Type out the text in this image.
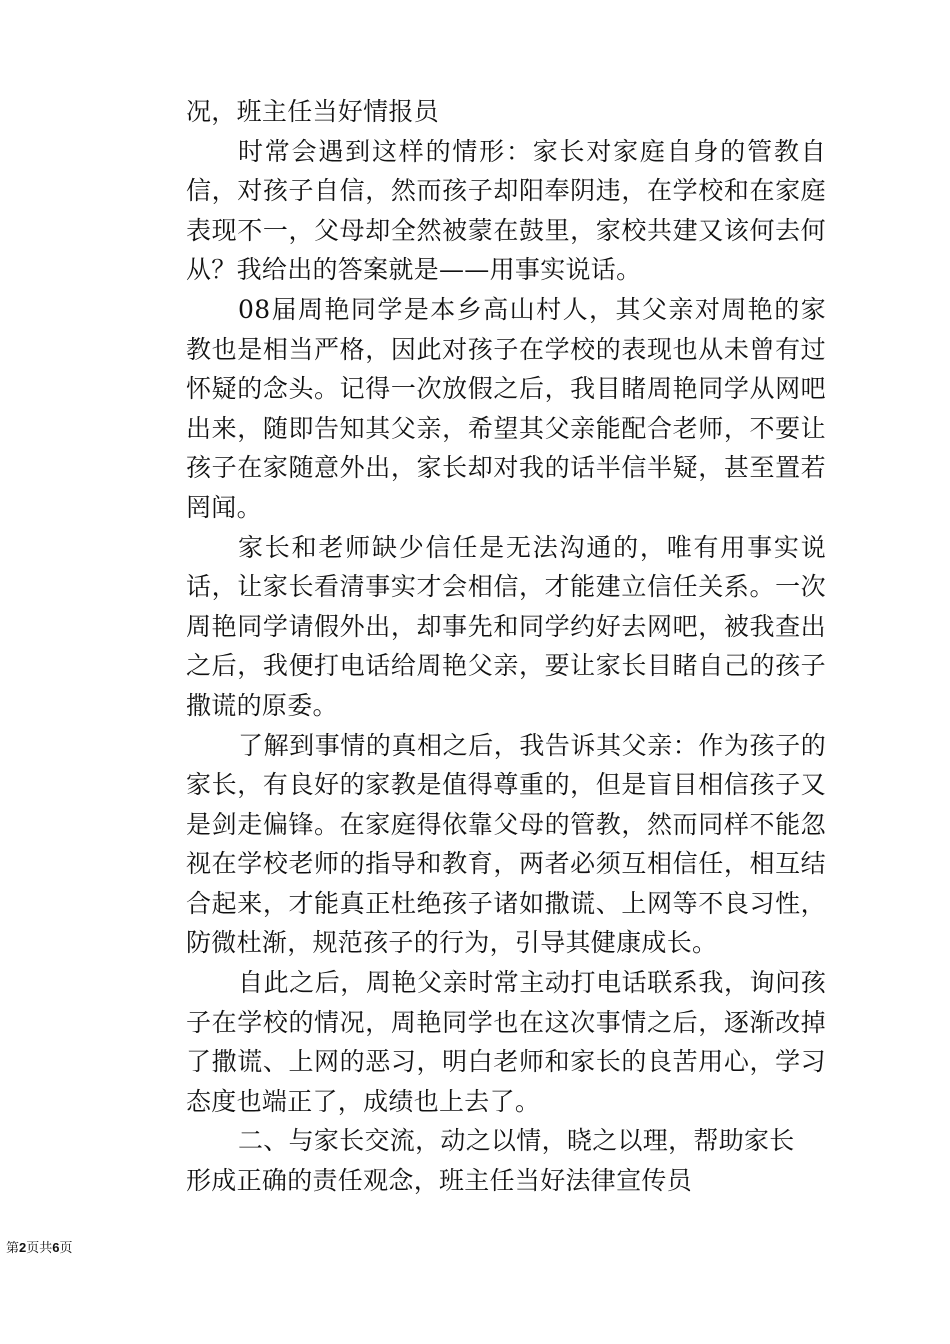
况，班主任当好情报员

时常会遇到这样的情形：家长对家庭自身的管教自信，对孩子自信，然而孩子却阳奉阴违，在学校和在家庭表现不一，父母却全然被蒙在鼓里，家校共建又该何去何从？我给出的答案就是——用事实说话。

08届周艳同学是本乡高山村人，其父亲对周艳的家教也是相当严格，因此对孩子在学校的表现也从未曾有过怀疑的念头。记得一次放假之后，我目睹周艳同学从网吧出来，随即告知其父亲，希望其父亲能配合老师，不要让孩子在家随意外出，家长却对我的话半信半疑，甚至置若罔闻。

家长和老师缺少信任是无法沟通的，唯有用事实说话，让家长看清事实才会相信，才能建立信任关系。一次周艳同学请假外出，却事先和同学约好去网吧，被我查出之后，我便打电话给周艳父亲，要让家长目睹自己的孩子撒谎的原委。

了解到事情的真相之后，我告诉其父亲：作为孩子的家长，有良好的家教是值得尊重的，但是盲目相信孩子又是剑走偏锋。在家庭得依靠父母的管教，然而同样不能忽视在学校老师的指导和教育，两者必须互相信任，相互结合起来，才能真正杜绝孩子诸如撒谎、上网等不良习性，防微杜渐，规范孩子的行为，引导其健康成长。

自此之后，周艳父亲时常主动打电话联系我，询问孩子在学校的情况，周艳同学也在这次事情之后，逐渐改掉了撒谎、上网的恶习，明白老师和家长的良苦用心，学习态度也端正了，成绩也上去了。

二、与家长交流，动之以情，晓之以理，帮助家长形成正确的责任观念，班主任当好法律宣传员

第2页共6页
